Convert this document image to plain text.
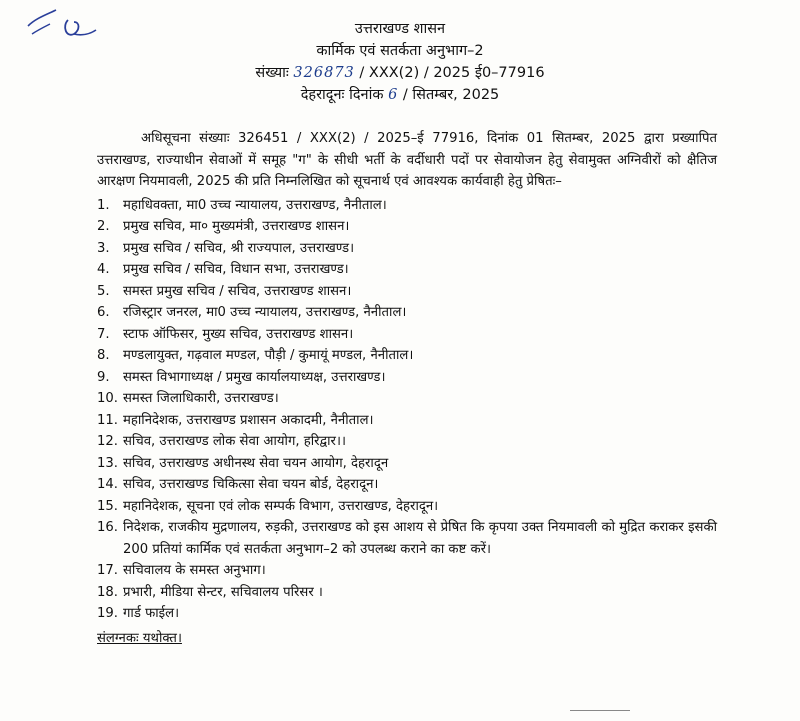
उत्तराखण्ड शासन
कार्मिक एवं सतर्कता अनुभाग–2
संख्याः 326873 / XXX(2) / 2025 ई0–77916
देहरादूनः दिनांक 6 / सितम्बर, 2025

अधिसूचना संख्याः 326451 / XXX(2) / 2025–ई 77916, दिनांक 01 सितम्बर, 2025 द्वारा प्रख्यापित उत्तराखण्ड, राज्याधीन सेवाओं में समूह "ग" के सीधी भर्ती के वर्दीधारी पदों पर सेवायोजन हेतु सेवामुक्त अग्निवीरों को क्षैतिज आरक्षण नियमावली, 2025 की प्रति निम्नलिखित को सूचनार्थ एवं आवश्यक कार्यवाही हेतु प्रेषितः–

1.	महाधिवक्ता, मा0 उच्च न्यायालय, उत्तराखण्ड, नैनीताल।
2.	प्रमुख सचिव, मा० मुख्यमंत्री, उत्तराखण्ड शासन।
3.	प्रमुख सचिव / सचिव, श्री राज्यपाल, उत्तराखण्ड।
4.	प्रमुख सचिव / सचिव, विधान सभा, उत्तराखण्ड।
5.	समस्त प्रमुख सचिव / सचिव, उत्तराखण्ड शासन।
6.	रजिस्ट्रार जनरल, मा0 उच्च न्यायालय, उत्तराखण्ड, नैनीताल।
7.	स्टाफ ऑफिसर, मुख्य सचिव, उत्तराखण्ड शासन।
8.	मण्डलायुक्त, गढ़वाल मण्डल, पौड़ी / कुमायूं मण्डल, नैनीताल।
9.	समस्त विभागाध्यक्ष / प्रमुख कार्यालयाध्यक्ष, उत्तराखण्ड।
10. समस्त जिलाधिकारी, उत्तराखण्ड।
11. महानिदेशक, उत्तराखण्ड प्रशासन अकादमी, नैनीताल।
12. सचिव, उत्तराखण्ड लोक सेवा आयोग, हरिद्वार।।
13. सचिव, उत्तराखण्ड अधीनस्थ सेवा चयन आयोग, देहरादून
14. सचिव, उत्तराखण्ड चिकित्सा सेवा चयन बोर्ड, देहरादून।
15. महानिदेशक, सूचना एवं लोक सम्पर्क विभाग, उत्तराखण्ड, देहरादून।
16. निदेशक, राजकीय मुद्रणालय, रुड़की, उत्तराखण्ड को इस आशय से प्रेषित कि कृपया उक्त नियमावली को मुद्रित कराकर इसकी 200 प्रतियां कार्मिक एवं सतर्कता अनुभाग–2 को उपलब्ध कराने का कष्ट करें।
17. सचिवालय के समस्त अनुभाग।
18. प्रभारी, मीडिया सेन्टर, सचिवालय परिसर ।
19. गार्ड फाईल।
संलग्नकः यथोक्त।
